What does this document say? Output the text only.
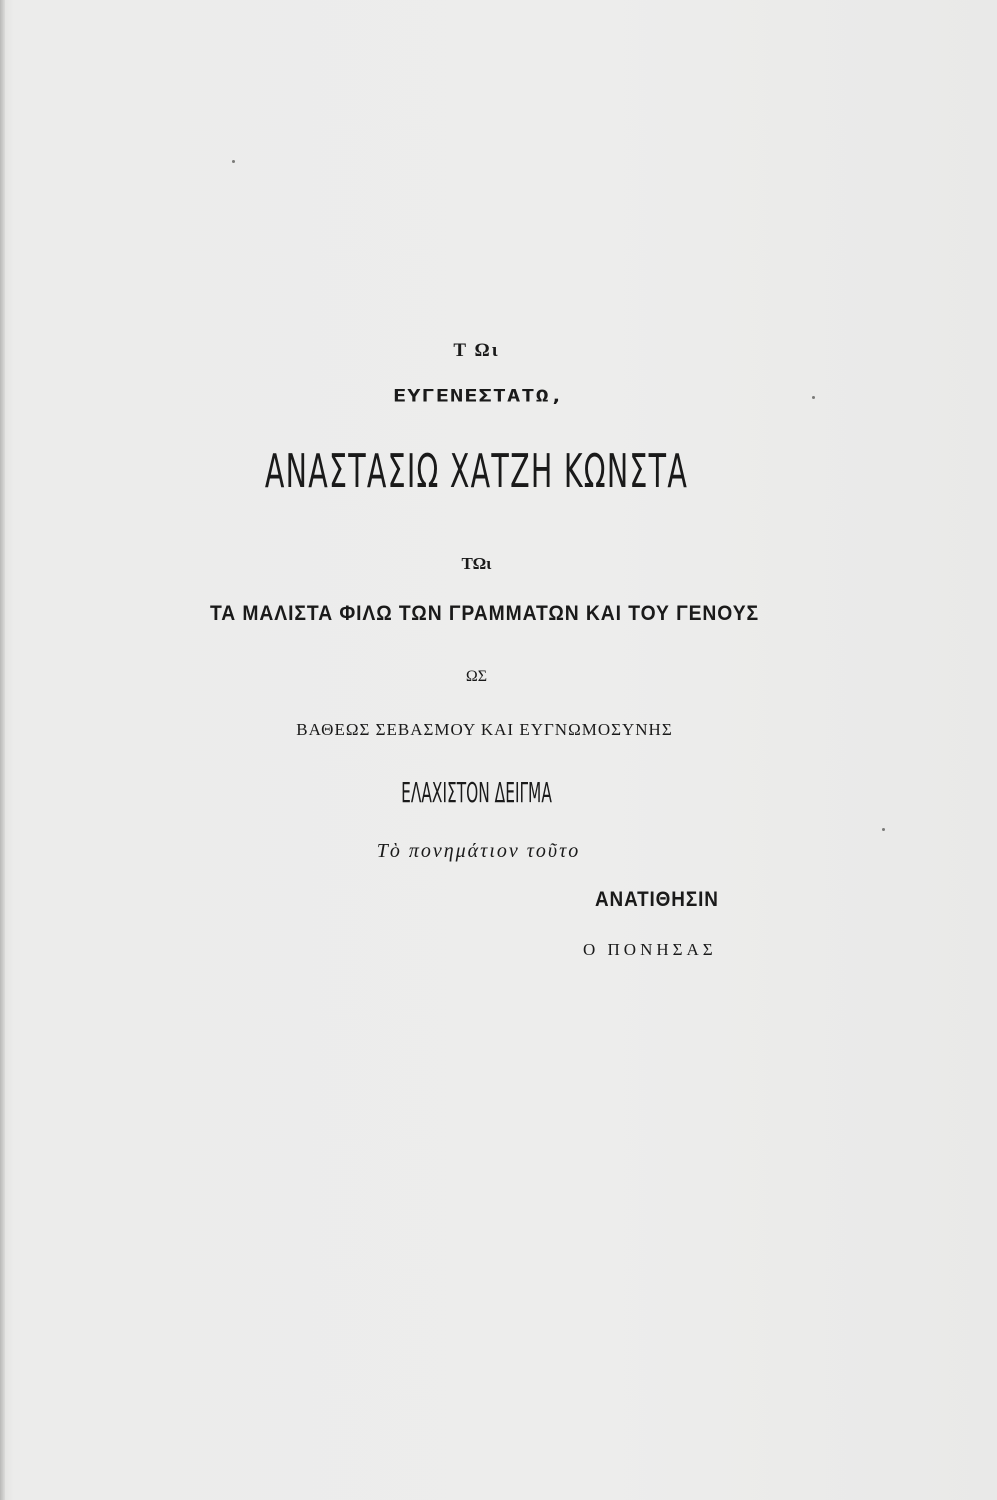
Τ Ωι
ΕΥΓΕΝΕΣΤΑΤΩ,
ΑΝΑΣΤΑΣΙΩ ΧΑΤΖΗ ΚΩΝΣΤΑ
ΤΩι
ΤΑ ΜΑΛΙΣΤΑ ΦΙΛΩ ΤΩΝ ΓΡΑΜΜΑΤΩΝ ΚΑΙ ΤΟΥ ΓΕΝΟΥΣ
ΩΣ
ΒΑΘΕΩΣ ΣΕΒΑΣΜΟΥ ΚΑΙ ΕΥΓΝΩΜΟΣΥΝΗΣ
ΕΛΑΧΙΣΤΟΝ ΔΕΙΓΜΑ
Τὸ πονημάτιον τοῦτο
ΑΝΑΤΙΘΗΣΙΝ
Ο ΠΟΝΗΣΑΣ
